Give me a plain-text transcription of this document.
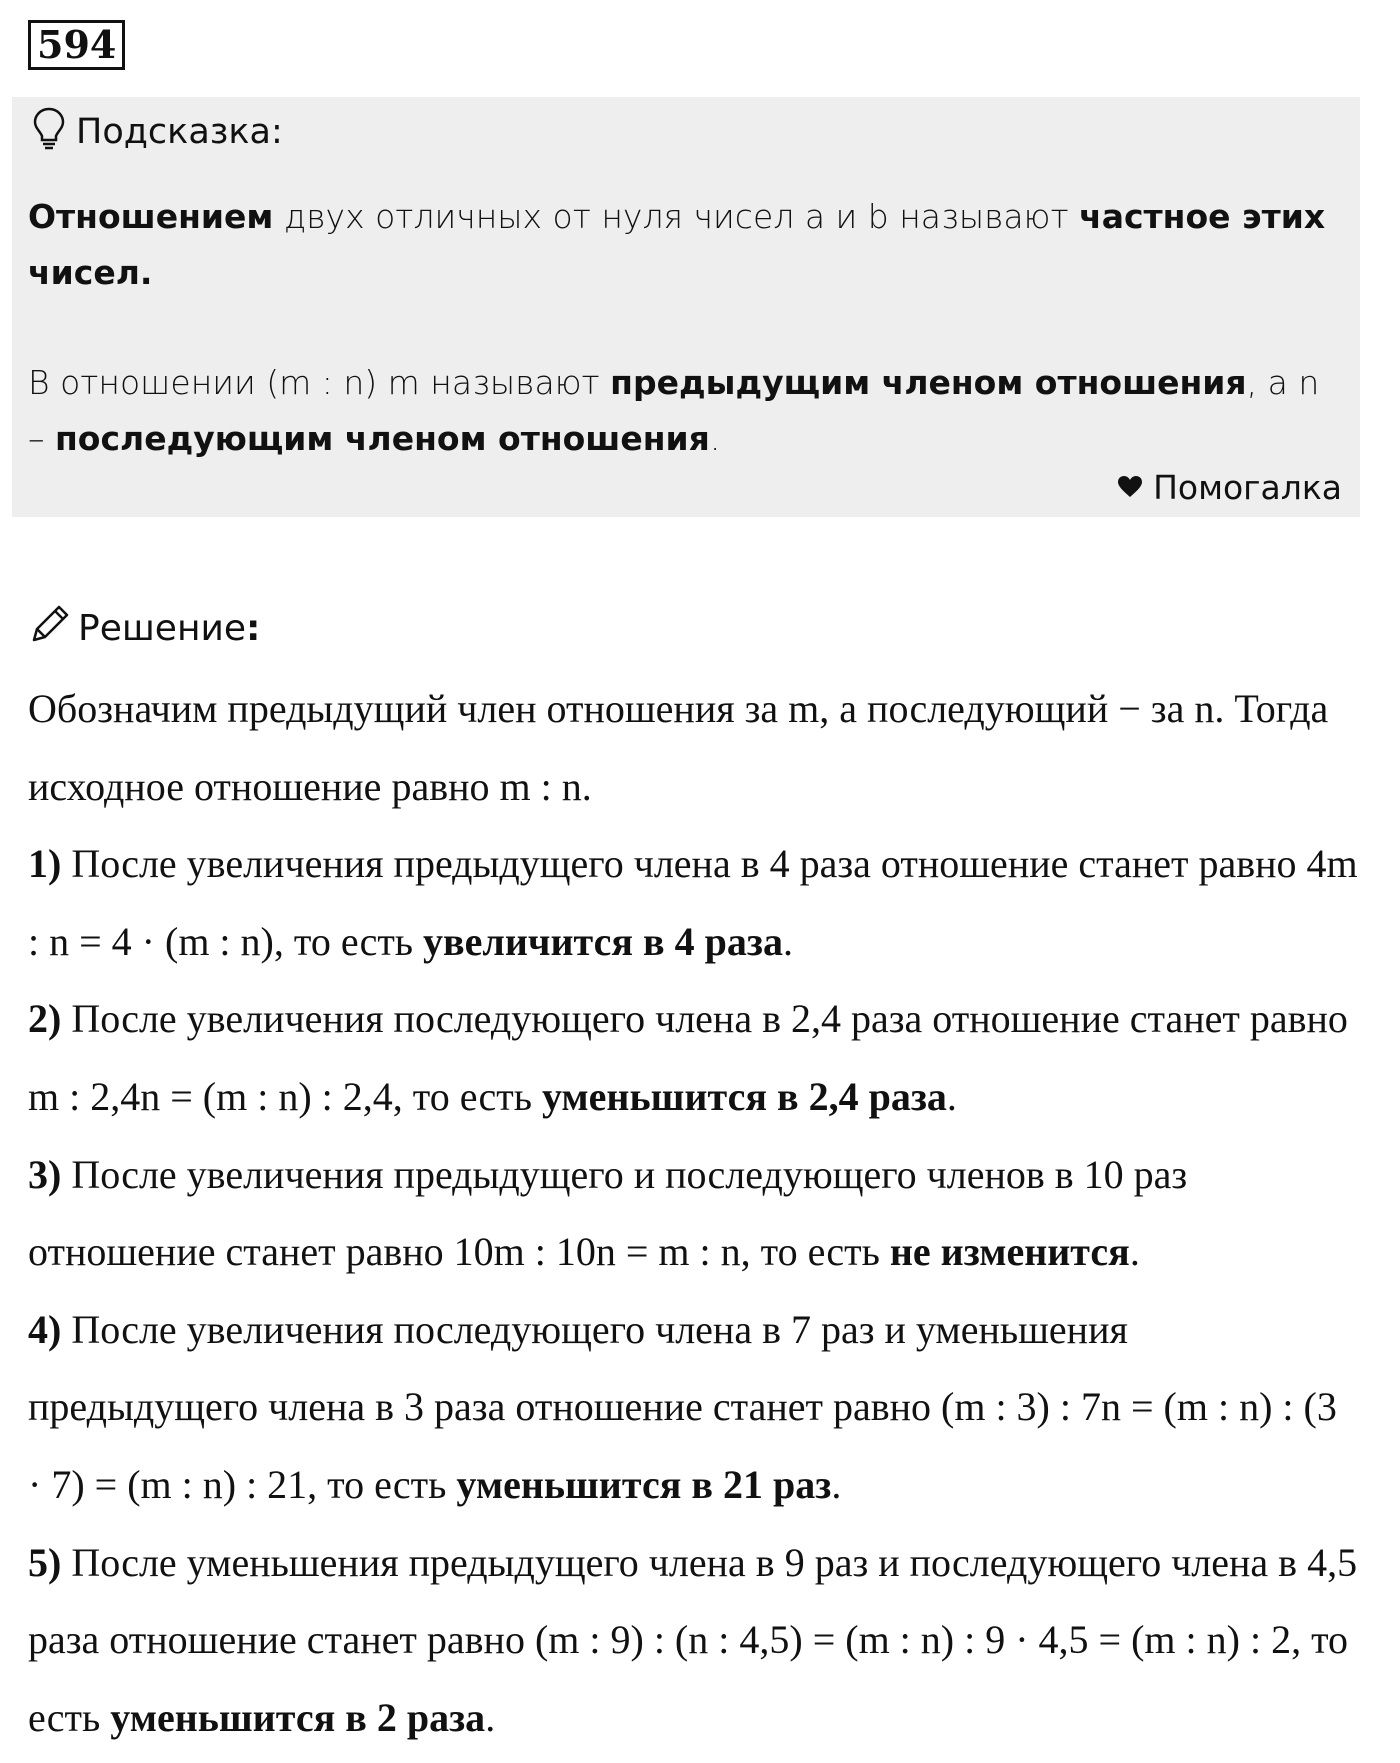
594
Подсказка:
Отношением двух отличных от нуля чисел a и b называют частное этих чисел.
В отношении (m : n) m называют предыдущим членом отношения, а n – последующим членом отношения.
Помогалка
Решение:

Обозначим предыдущий член отношения за m, а последующий − за n. Тогда исходное отношение равно m : n.

1) После увеличения предыдущего члена в 4 раза отношение станет равно 4m : n = 4 · (m : n), то есть увеличится в 4 раза.

2) После увеличения последующего члена в 2,4 раза отношение станет равно m : 2,4n = (m : n) : 2,4, то есть уменьшится в 2,4 раза.

3) После увеличения предыдущего и последующего членов в 10 раз отношение станет равно 10m : 10n = m : n, то есть не изменится.

4) После увеличения последующего члена в 7 раз и уменьшения предыдущего члена в 3 раза отношение станет равно (m : 3) : 7n = (m : n) : (3 · 7) = (m : n) : 21, то есть уменьшится в 21 раз.

5) После уменьшения предыдущего члена в 9 раз и последующего члена в 4,5 раза отношение станет равно (m : 9) : (n : 4,5) = (m : n) : 9 · 4,5 = (m : n) : 2, то есть уменьшится в 2 раза.
